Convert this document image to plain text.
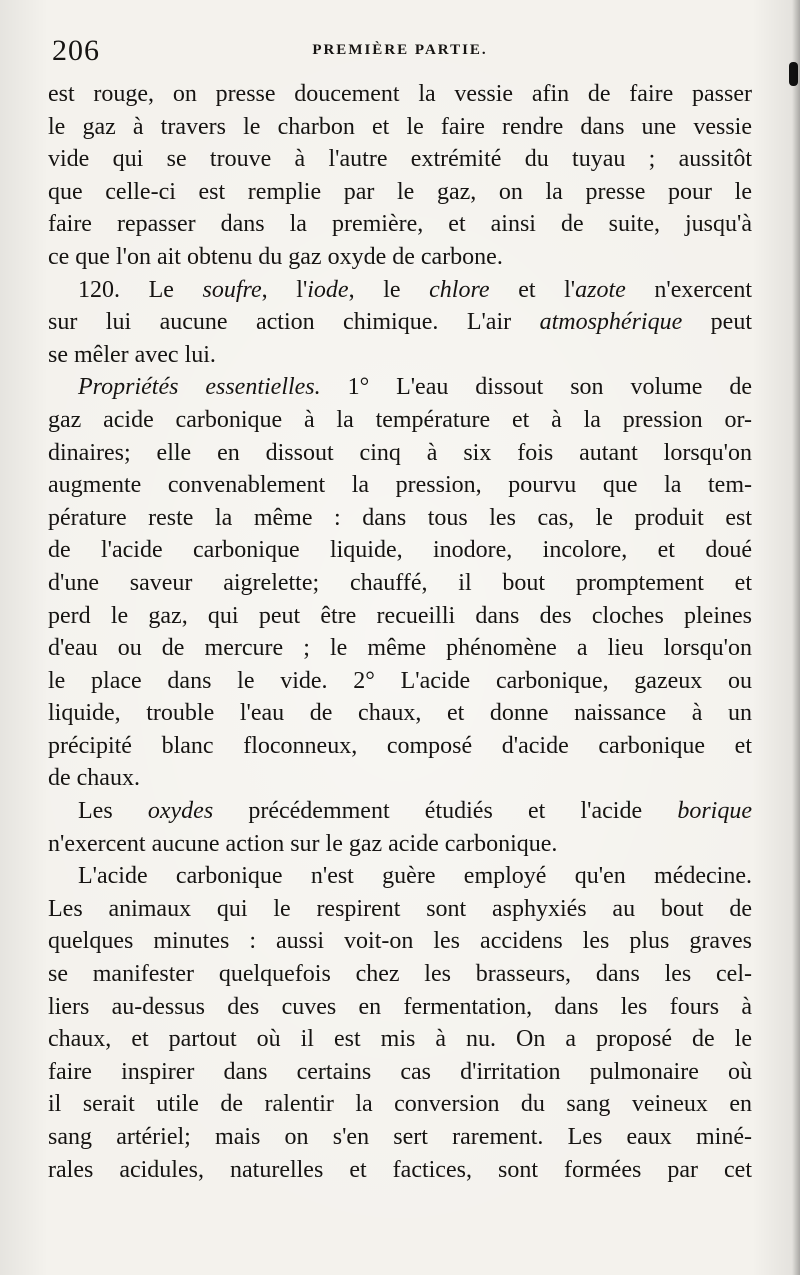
206	PREMIÈRE PARTIE.
est rouge, on presse doucement la vessie afin de faire passer
le gaz à travers le charbon et le faire rendre dans une vessie
vide qui se trouve à l'autre extrémité du tuyau ; aussitôt
que celle-ci est remplie par le gaz, on la presse pour le
faire repasser dans la première, et ainsi de suite, jusqu'à
ce que l'on ait obtenu du gaz oxyde de carbone.
120. Le soufre, l'iode, le chlore et l'azote n'exercent
sur lui aucune action chimique. L'air atmosphérique peut
se mêler avec lui.
Propriétés essentielles. 1° L'eau dissout son volume de
gaz acide carbonique à la température et à la pression or-
dinaires; elle en dissout cinq à six fois autant lorsqu'on
augmente convenablement la pression, pourvu que la tem-
pérature reste la même : dans tous les cas, le produit est
de l'acide carbonique liquide, inodore, incolore, et doué
d'une saveur aigrelette; chauffé, il bout promptement et
perd le gaz, qui peut être recueilli dans des cloches pleines
d'eau ou de mercure ; le même phénomène a lieu lorsqu'on
le place dans le vide. 2° L'acide carbonique, gazeux ou
liquide, trouble l'eau de chaux, et donne naissance à un
précipité blanc floconneux, composé d'acide carbonique et
de chaux.
Les oxydes précédemment étudiés et l'acide borique
n'exercent aucune action sur le gaz acide carbonique.
L'acide carbonique n'est guère employé qu'en médecine.
Les animaux qui le respirent sont asphyxiés au bout de
quelques minutes : aussi voit-on les accidens les plus graves
se manifester quelquefois chez les brasseurs, dans les cel-
liers au-dessus des cuves en fermentation, dans les fours à
chaux, et partout où il est mis à nu. On a proposé de le
faire inspirer dans certains cas d'irritation pulmonaire où
il serait utile de ralentir la conversion du sang veineux en
sang artériel; mais on s'en sert rarement. Les eaux miné-
rales acidules, naturelles et factices, sont formées par cet
